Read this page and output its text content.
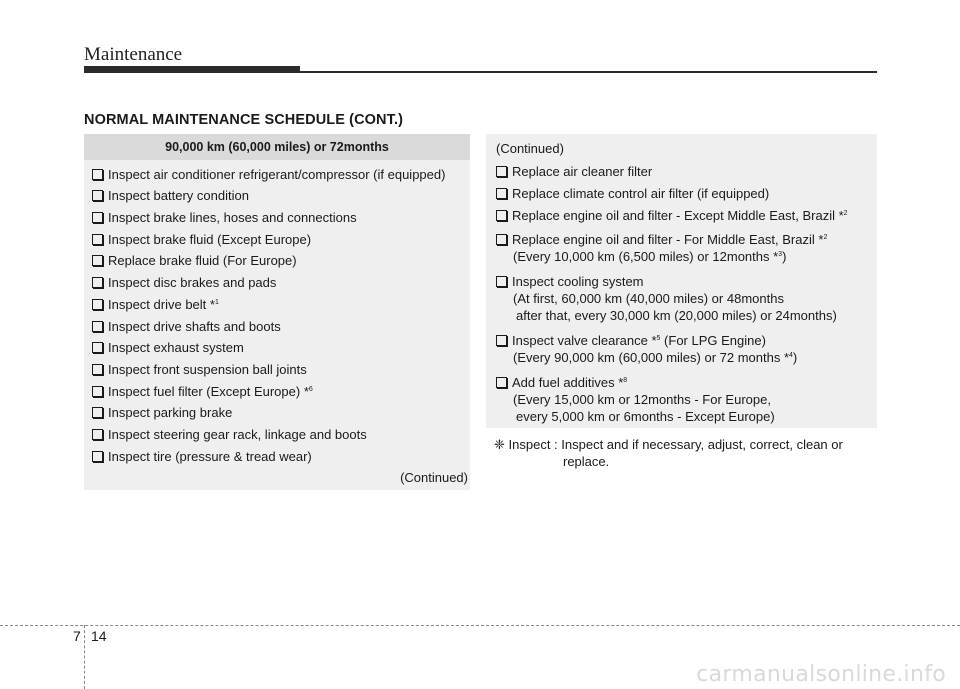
Maintenance
NORMAL MAINTENANCE SCHEDULE (CONT.)
90,000 km (60,000 miles) or 72months
Inspect air conditioner refrigerant/compressor (if equipped)
Inspect battery condition
Inspect brake lines, hoses and connections
Inspect brake fluid (Except Europe)
Replace brake fluid (For Europe)
Inspect disc brakes and pads
Inspect drive belt *$^1$
Inspect drive shafts and boots
Inspect exhaust system
Inspect front suspension ball joints
Inspect fuel filter (Except Europe) *$^6$
Inspect parking brake
Inspect steering gear rack, linkage and boots
Inspect tire (pressure & tread wear)
(Continued)
(Continued)
Replace air cleaner filter
Replace climate control air filter (if equipped)
Replace engine oil and filter - Except Middle East, Brazil *$^2$
Replace engine oil and filter - For Middle East, Brazil *$^2$
(Every 10,000 km (6,500 miles) or 12months *$^3$)
Inspect cooling system
(At first, 60,000 km (40,000 miles) or 48months
after that, every 30,000 km (20,000 miles) or 24months)
Inspect valve clearance *$^5$ (For LPG Engine)
(Every 90,000 km (60,000 miles) or 72 months *$^4$)
Add fuel additives *$^8$
(Every 15,000 km or 12months - For Europe,
every 5,000 km or 6months - Except Europe)
❈ Inspect : Inspect and if necessary, adjust, correct, clean or
replace.
7 14
carmanualsonline.info
